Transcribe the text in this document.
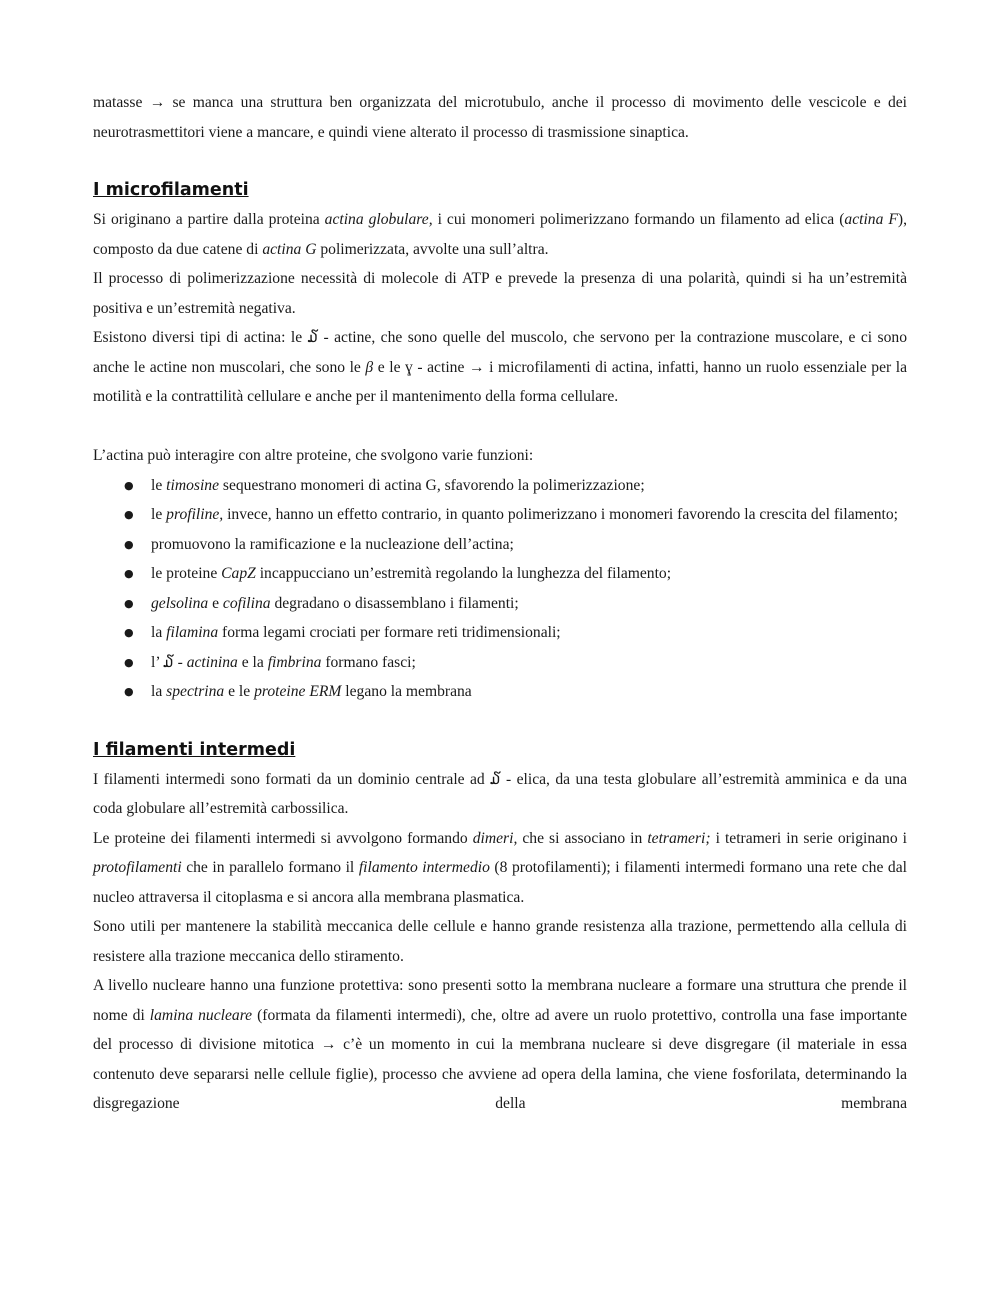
matasse → se manca una struttura ben organizzata del microtubulo, anche il processo di movimento delle vescicole e dei neurotrasmettitori viene a mancare, e quindi viene alterato il processo di trasmissione sinaptica.

I microfilamenti

Si originano a partire dalla proteina actina globulare, i cui monomeri polimerizzano formando un filamento ad elica (actina F), composto da due catene di actina G polimerizzata, avvolte una sull’altra.

Il processo di polimerizzazione necessità di molecole di ATP e prevede la presenza di una polarità, quindi si ha un’estremità positiva e un’estremità negativa.

Esistono diversi tipi di actina: le ໓ - actine, che sono quelle del muscolo, che servono per la contrazione muscolare, e ci sono anche le actine non muscolari, che sono le β e le ɣ - actine → i microfilamenti di actina, infatti, hanno un ruolo essenziale per la motilità e la contrattilità cellulare e anche per il mantenimento della forma cellulare.

L’actina può interagire con altre proteine, che svolgono varie funzioni:

● le timosine sequestrano monomeri di actina G, sfavorendo la polimerizzazione;
● le profiline, invece, hanno un effetto contrario, in quanto polimerizzano i monomeri favorendo la crescita del filamento;
● promuovono la ramificazione e la nucleazione dell’actina;
● le proteine CapZ incappucciano un’estremità regolando la lunghezza del filamento;
● gelsolina e cofilina degradano o disassemblano i filamenti;
● la filamina forma legami crociati per formare reti tridimensionali;
● l’ ໓ - actinina e la fimbrina formano fasci;
● la spectrina e le proteine ERM legano la membrana
I filamenti intermedi

I filamenti intermedi sono formati da un dominio centrale ad ໓ - elica, da una testa globulare all’estremità amminica e da una coda globulare all’estremità carbossilica.

Le proteine dei filamenti intermedi si avvolgono formando dimeri, che si associano in tetrameri; i tetrameri in serie originano i protofilamenti che in parallelo formano il filamento intermedio (8 protofilamenti); i filamenti intermedi formano una rete che dal nucleo attraversa il citoplasma e si ancora alla membrana plasmatica.

Sono utili per mantenere la stabilità meccanica delle cellule e hanno grande resistenza alla trazione, permettendo alla cellula di resistere alla trazione meccanica dello stiramento.

A livello nucleare hanno una funzione protettiva: sono presenti sotto la membrana nucleare a formare una struttura che prende il nome di lamina nucleare (formata da filamenti intermedi), che, oltre ad avere un ruolo protettivo, controlla una fase importante del processo di divisione mitotica → c’è un momento in cui la membrana nucleare si deve disgregare (il materiale in essa contenuto deve separarsi nelle cellule figlie), processo che avviene ad opera della lamina, che viene fosforilata, determinando la disgregazione della membrana
